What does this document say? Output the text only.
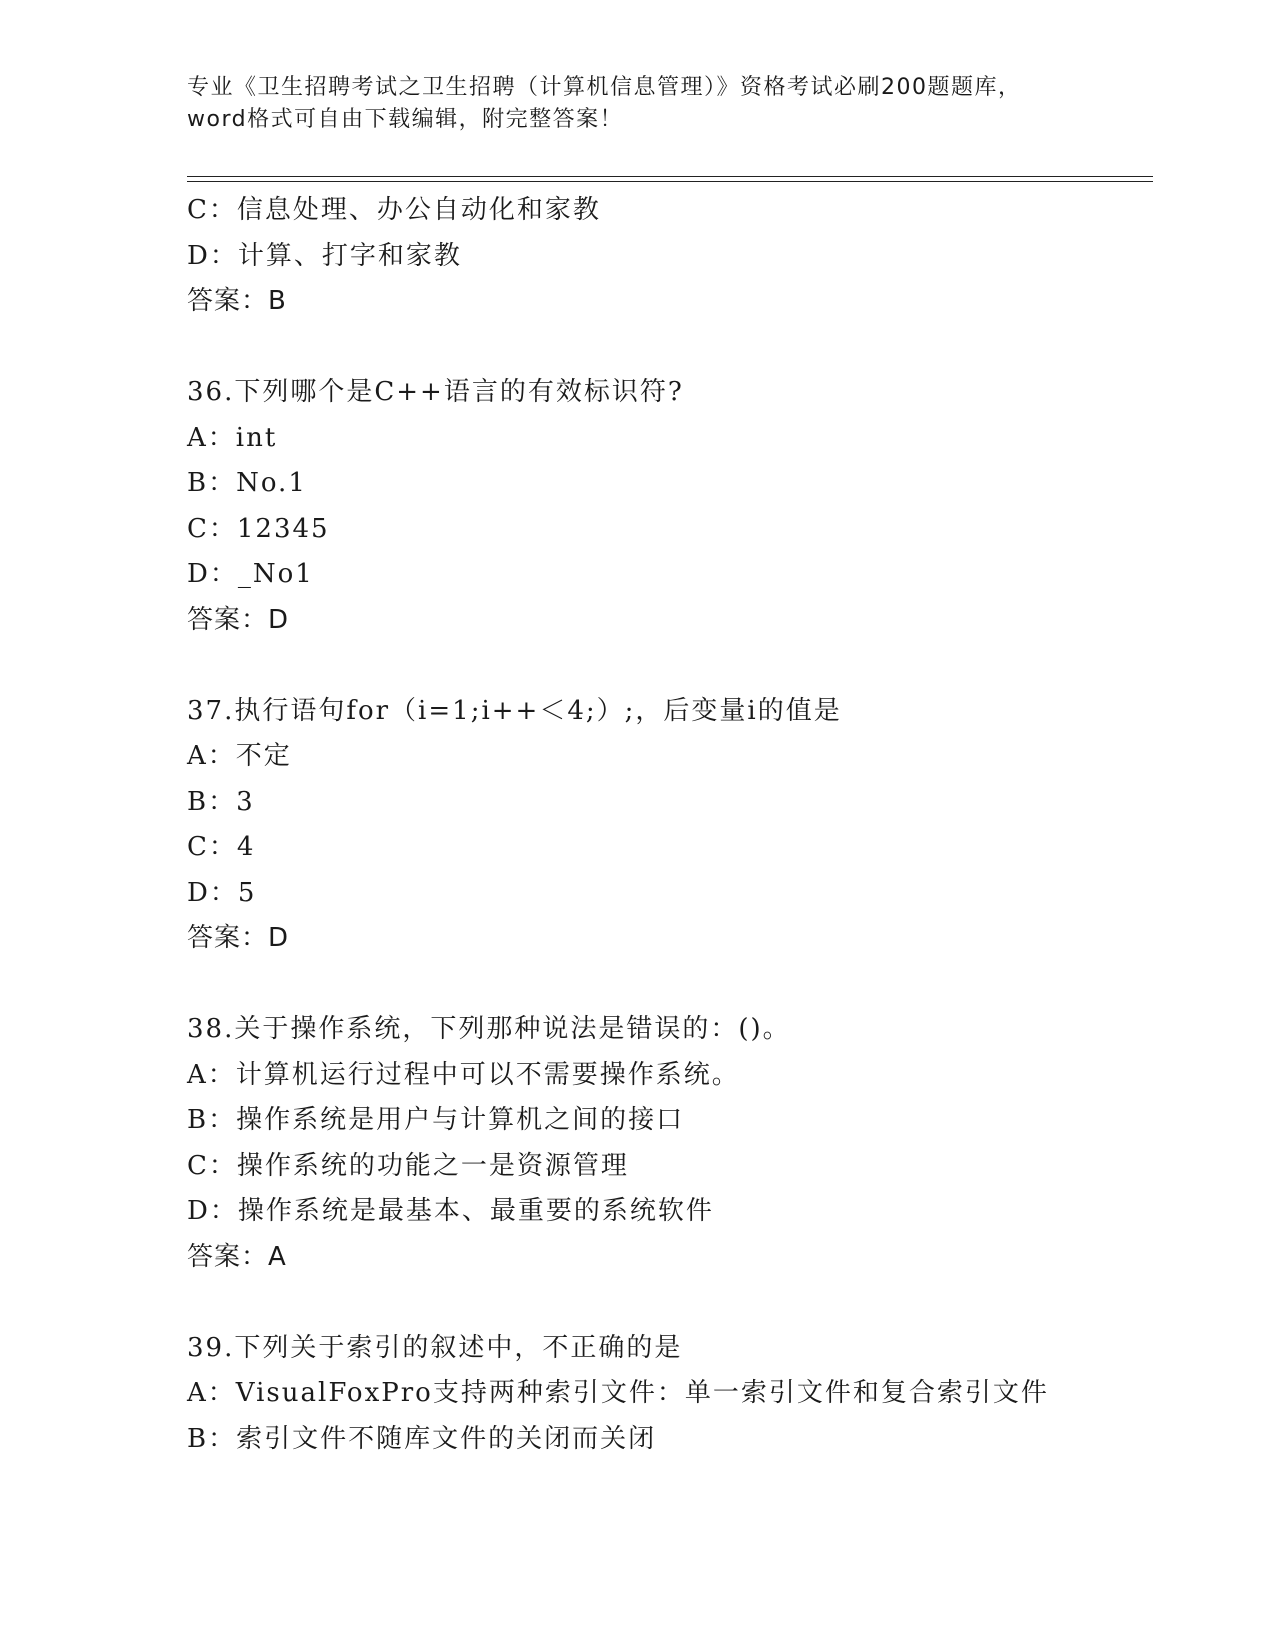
专业《卫生招聘考试之卫生招聘（计算机信息管理）》资格考试必刷200题题库，
word格式可自由下载编辑，附完整答案！
C：信息处理、办公自动化和家教
D：计算、打字和家教
答案：B
36.下列哪个是C++语言的有效标识符?
A：int
B：No.1
C：12345
D：_No1
答案：D
37.执行语句for（i=1;i++＜4;）;，后变量i的值是
A：不定
B：3
C：4
D：5
答案：D
38.关于操作系统，下列那种说法是错误的：()。
A：计算机运行过程中可以不需要操作系统。
B：操作系统是用户与计算机之间的接口
C：操作系统的功能之一是资源管理
D：操作系统是最基本、最重要的系统软件
答案：A
39.下列关于索引的叙述中，不正确的是
A：VisualFoxPro支持两种索引文件：单一索引文件和复合索引文件
B：索引文件不随库文件的关闭而关闭
